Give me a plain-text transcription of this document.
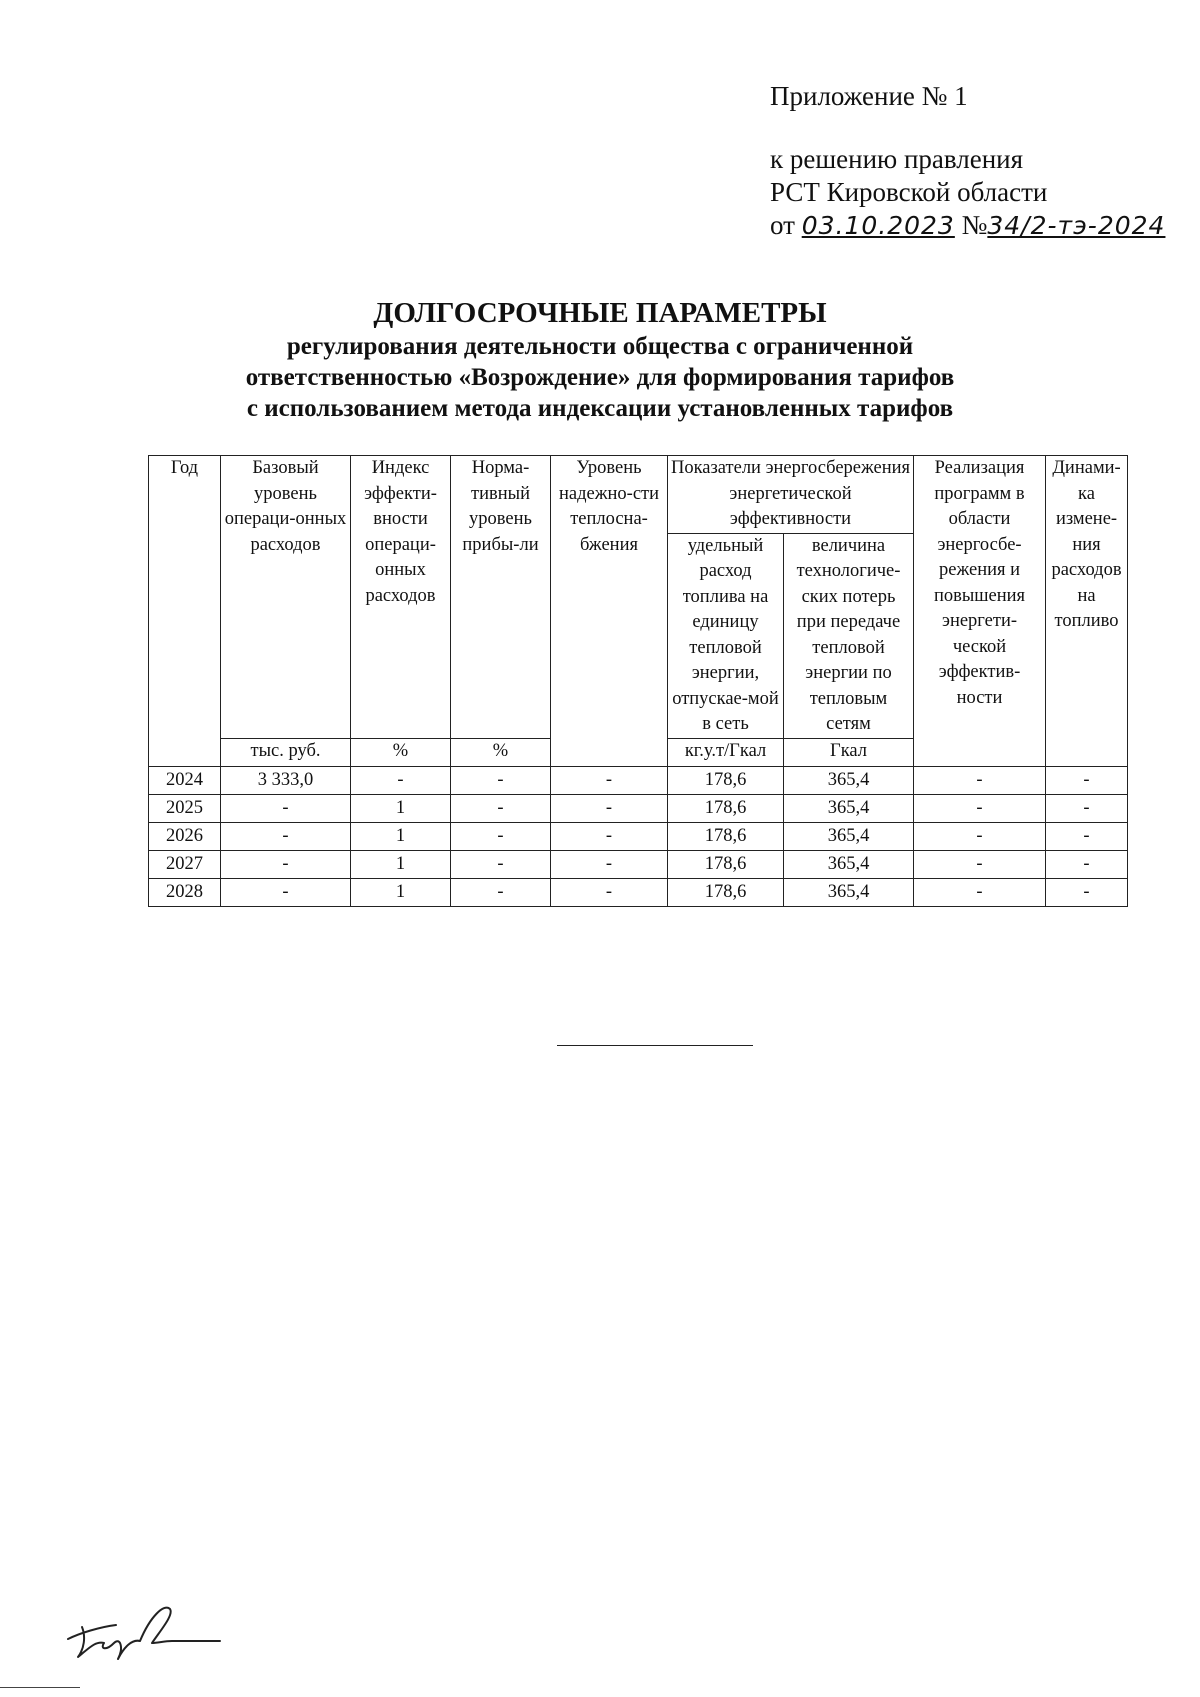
Приложение № 1
к решению правления
РСТ Кировской области
от 03.10.2023 №34/2-тэ-2024
ДОЛГОСРОЧНЫЕ ПАРАМЕТРЫ
регулирования деятельности общества с ограниченной
ответственностью «Возрождение» для формирования тарифов
с использованием метода индексации установленных тарифов
Год	Базовый уровень операци-онных расходов	Индекс эффекти-вности операци-онных расходов	Норма-тивный уровень прибы-ли	Уровень надежно-сти теплосна-бжения	Показатели энергосбережения энергетической эффективности		Реализация программ в области энергосбе-режения и повышения энергети-ческой эффектив-ности	Динами-ка измене-ния расходов на топливо
					удельный расход топлива на единицу тепловой энергии, отпускае-мой в сеть	величина технологиче-ских потерь при передаче тепловой энергии по тепловым сетям		
	тыс. руб.	%	%		кг.у.т/Гкал	Гкал		
2024	3 333,0	-	-	-	178,6	365,4	-	-
2025	-	1	-	-	178,6	365,4	-	-
2026	-	1	-	-	178,6	365,4	-	-
2027	-	1	-	-	178,6	365,4	-	-
2028	-	1	-	-	178,6	365,4	-	-
